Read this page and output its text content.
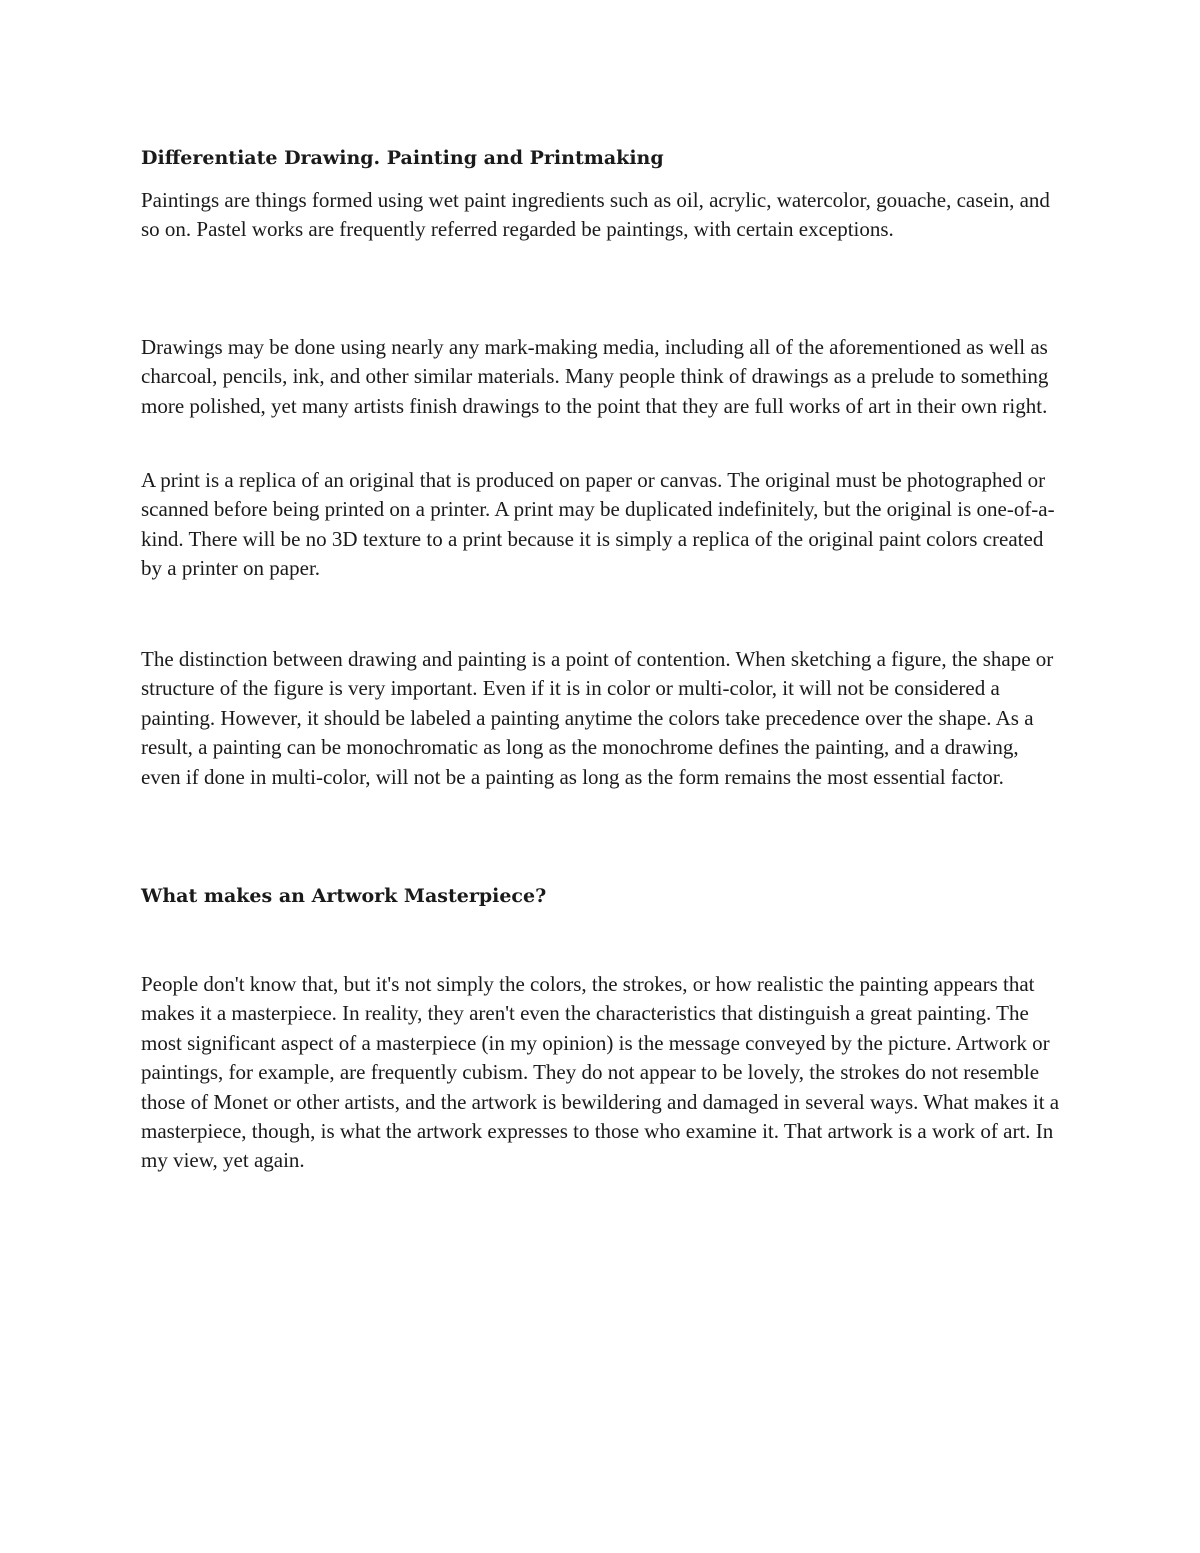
Differentiate Drawing. Painting and Printmaking

Paintings are things formed using wet paint ingredients such as oil, acrylic, watercolor, gouache, casein, and so on. Pastel works are frequently referred regarded be paintings, with certain exceptions.

Drawings may be done using nearly any mark-making media, including all of the aforementioned as well as charcoal, pencils, ink, and other similar materials. Many people think of drawings as a prelude to something more polished, yet many artists finish drawings to the point that they are full works of art in their own right.

A print is a replica of an original that is produced on paper or canvas. The original must be photographed or scanned before being printed on a printer. A print may be duplicated indefinitely, but the original is one-of-a-kind. There will be no 3D texture to a print because it is simply a replica of the original paint colors created by a printer on paper.

The distinction between drawing and painting is a point of contention. When sketching a figure, the shape or structure of the figure is very important. Even if it is in color or multi-color, it will not be considered a painting. However, it should be labeled a painting anytime the colors take precedence over the shape. As a result, a painting can be monochromatic as long as the monochrome defines the painting, and a drawing, even if done in multi-color, will not be a painting as long as the form remains the most essential factor.

What makes an Artwork Masterpiece?

People don't know that, but it's not simply the colors, the strokes, or how realistic the painting appears that makes it a masterpiece. In reality, they aren't even the characteristics that distinguish a great painting. The most significant aspect of a masterpiece (in my opinion) is the message conveyed by the picture. Artwork or paintings, for example, are frequently cubism. They do not appear to be lovely, the strokes do not resemble those of Monet or other artists, and the artwork is bewildering and damaged in several ways. What makes it a masterpiece, though, is what the artwork expresses to those who examine it. That artwork is a work of art. In my view, yet again.
